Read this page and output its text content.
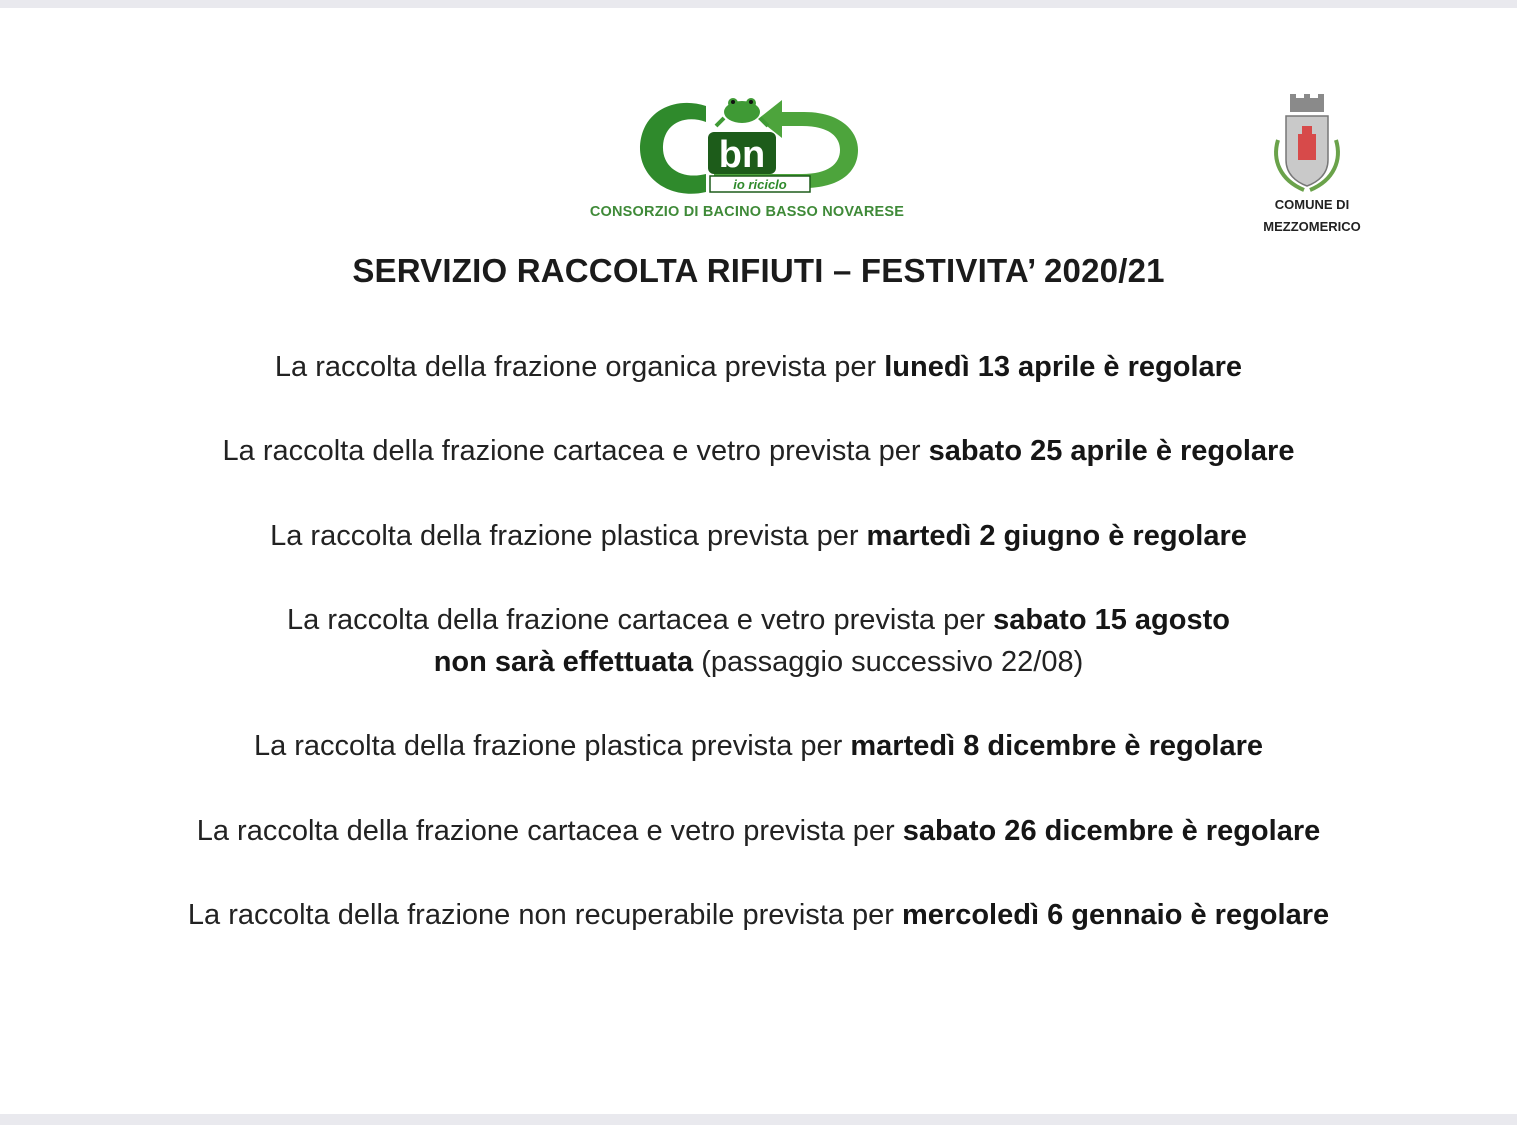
bn
io riciclo
CONSORZIO DI BACINO BASSO NOVARESE	COMUNE DI
MEZZOMERICO
SERVIZIO RACCOLTA RIFIUTI – FESTIVITA’ 2020/21
La raccolta della frazione organica prevista per lunedì 13 aprile è regolare
La raccolta della frazione cartacea e vetro prevista per sabato 25 aprile è regolare
La raccolta della frazione plastica prevista per martedì 2 giugno è regolare
La raccolta della frazione cartacea e vetro prevista per sabato 15 agosto
non sarà effettuata (passaggio successivo 22/08)
La raccolta della frazione plastica prevista per martedì 8 dicembre è regolare
La raccolta della frazione cartacea e vetro prevista per sabato 26 dicembre è regolare
La raccolta della frazione non recuperabile prevista per mercoledì 6 gennaio è regolare
